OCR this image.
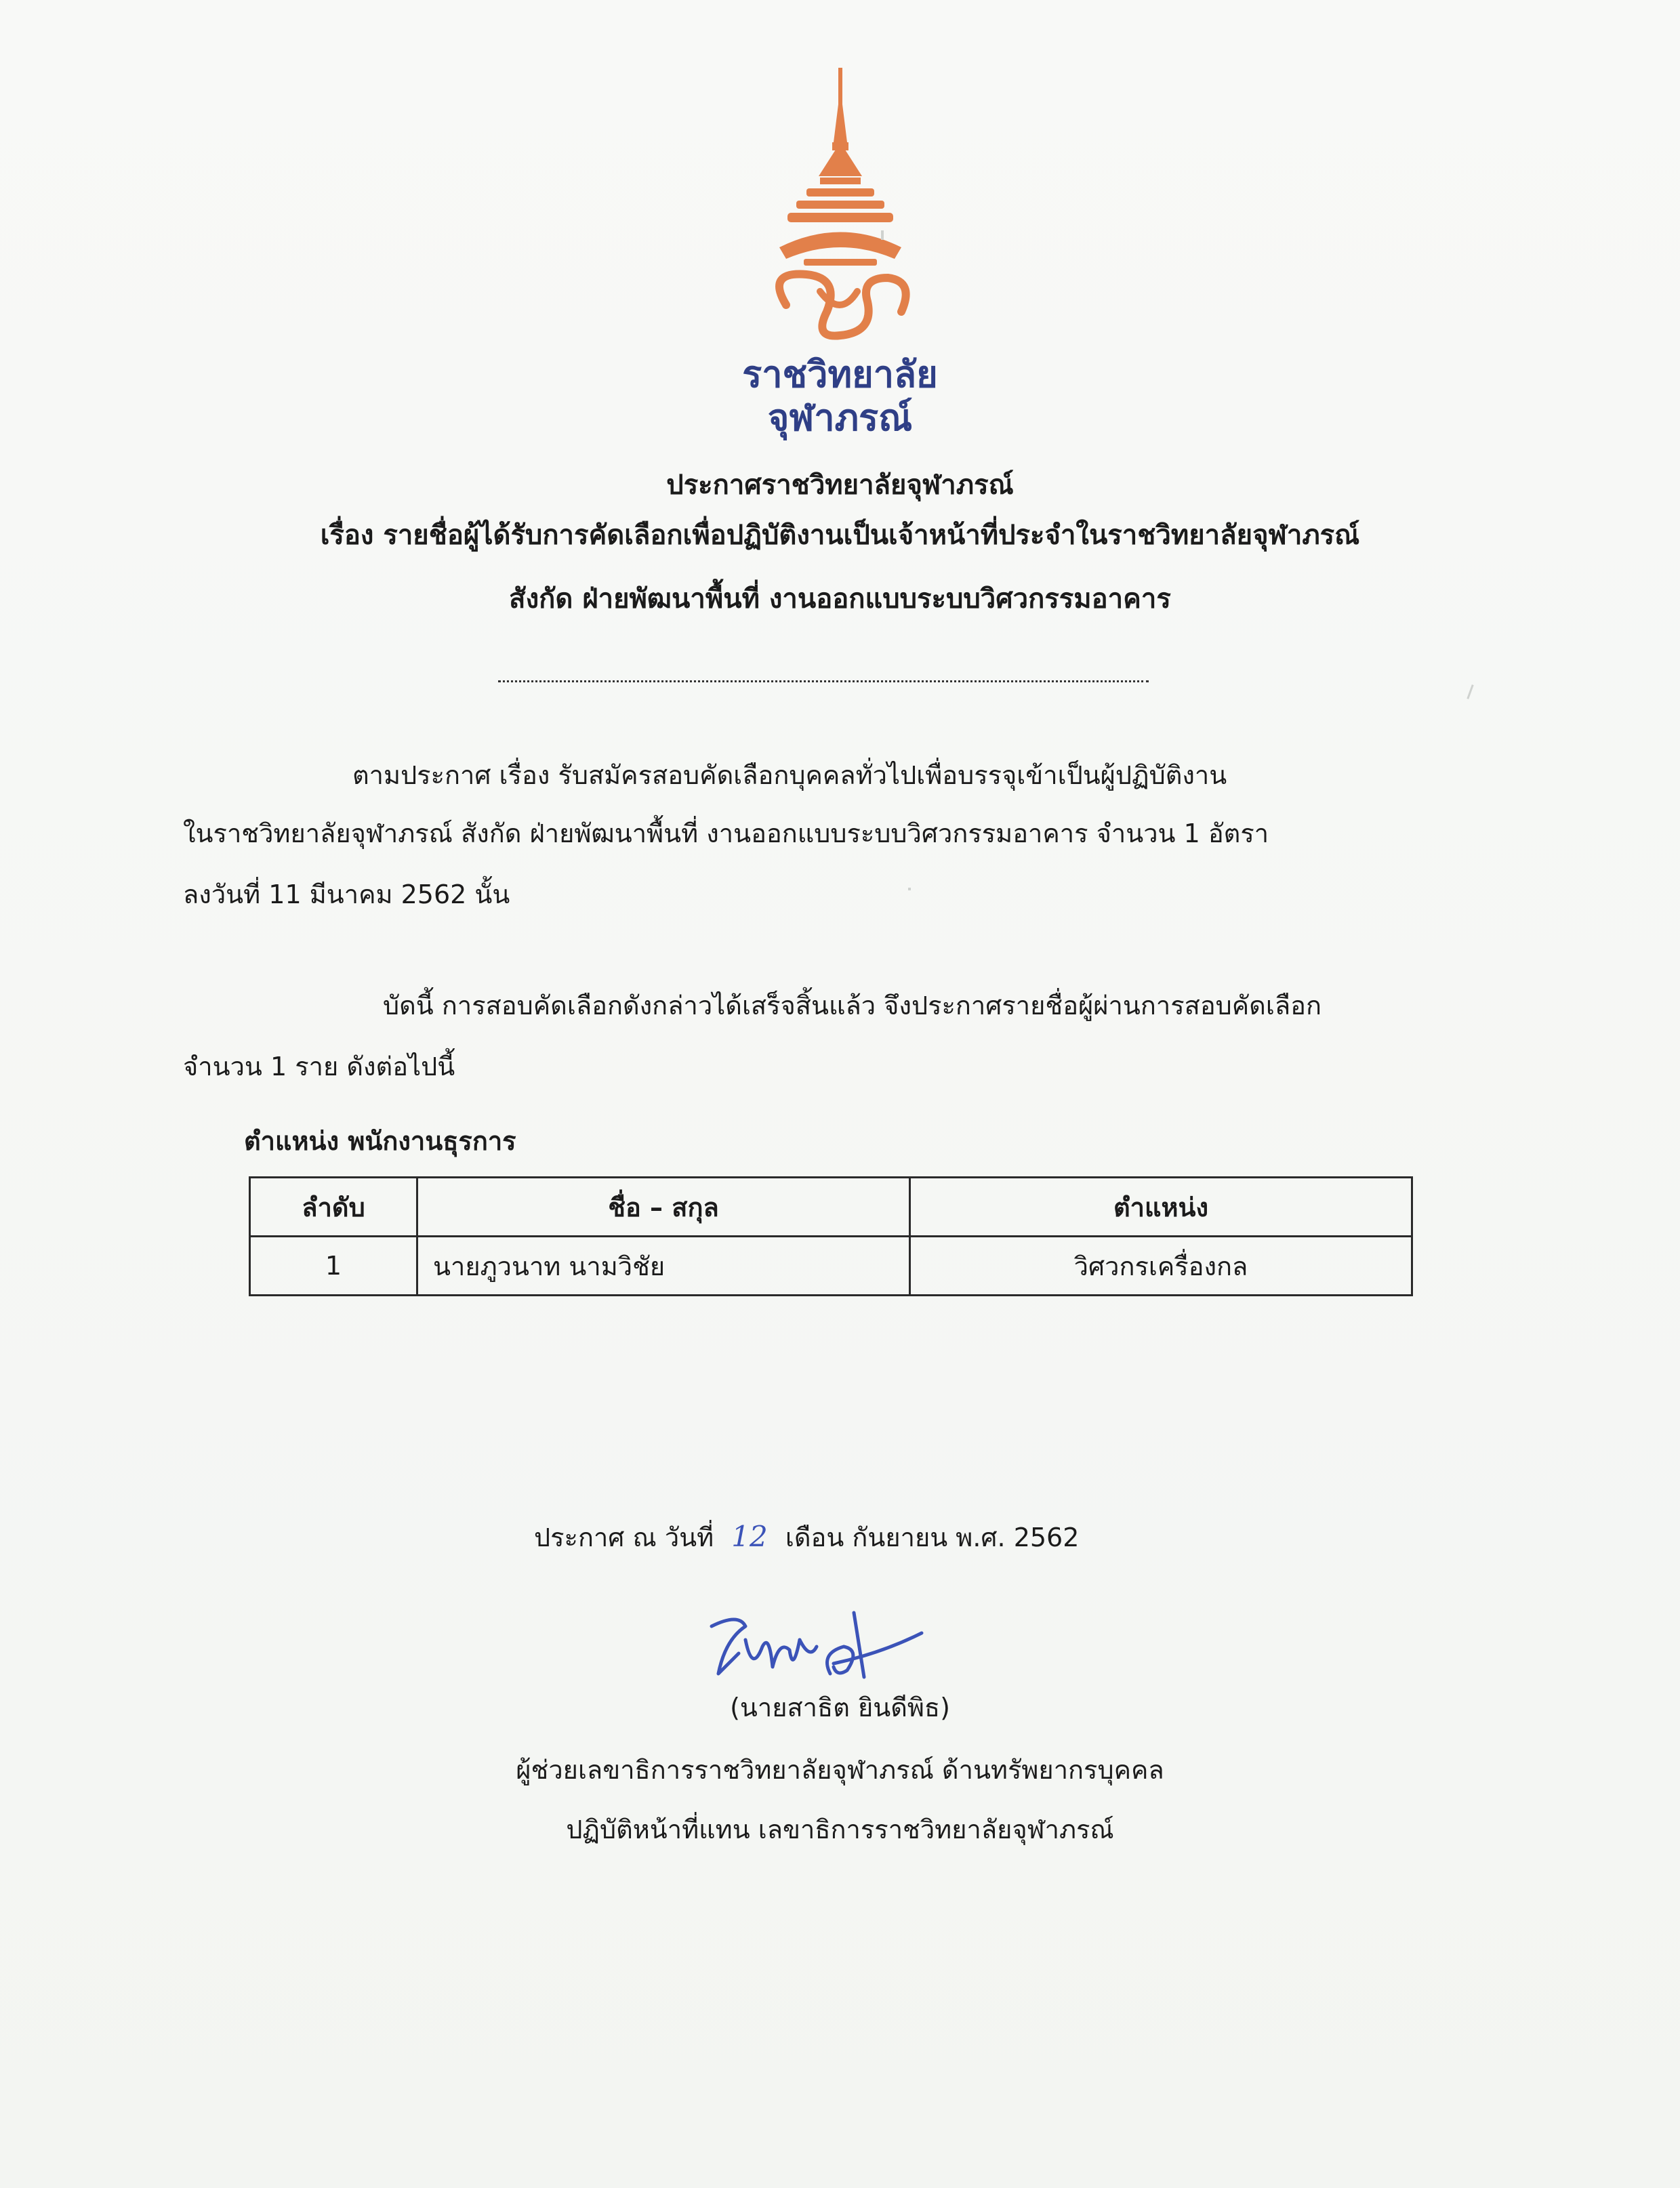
ราชวิทยาลัย
จุฬาภรณ์
ประกาศราชวิทยาลัยจุฬาภรณ์
เรื่อง รายชื่อผู้ได้รับการคัดเลือกเพื่อปฏิบัติงานเป็นเจ้าหน้าที่ประจำในราชวิทยาลัยจุฬาภรณ์
สังกัด ฝ่ายพัฒนาพื้นที่ งานออกแบบระบบวิศวกรรมอาคาร
ตามประกาศ เรื่อง รับสมัครสอบคัดเลือกบุคคลทั่วไปเพื่อบรรจุเข้าเป็นผู้ปฏิบัติงาน
ในราชวิทยาลัยจุฬาภรณ์ สังกัด ฝ่ายพัฒนาพื้นที่ งานออกแบบระบบวิศวกรรมอาคาร จำนวน 1 อัตรา
ลงวันที่ 11 มีนาคม 2562 นั้น
บัดนี้ การสอบคัดเลือกดังกล่าวได้เสร็จสิ้นแล้ว จึงประกาศรายชื่อผู้ผ่านการสอบคัดเลือก
จำนวน 1 ราย ดังต่อไปนี้
ตำแหน่ง พนักงานธุรการ
ลำดับ	ชื่อ – สกุล	ตำแหน่ง
1	นายภูวนาท นามวิชัย	วิศวกรเครื่องกล
ประกาศ ณ วันที่ 12 เดือน กันยายน พ.ศ. 2562
(นายสาธิต ยินดีพิธ)
ผู้ช่วยเลขาธิการราชวิทยาลัยจุฬาภรณ์ ด้านทรัพยากรบุคคล
ปฏิบัติหน้าที่แทน เลขาธิการราชวิทยาลัยจุฬาภรณ์
